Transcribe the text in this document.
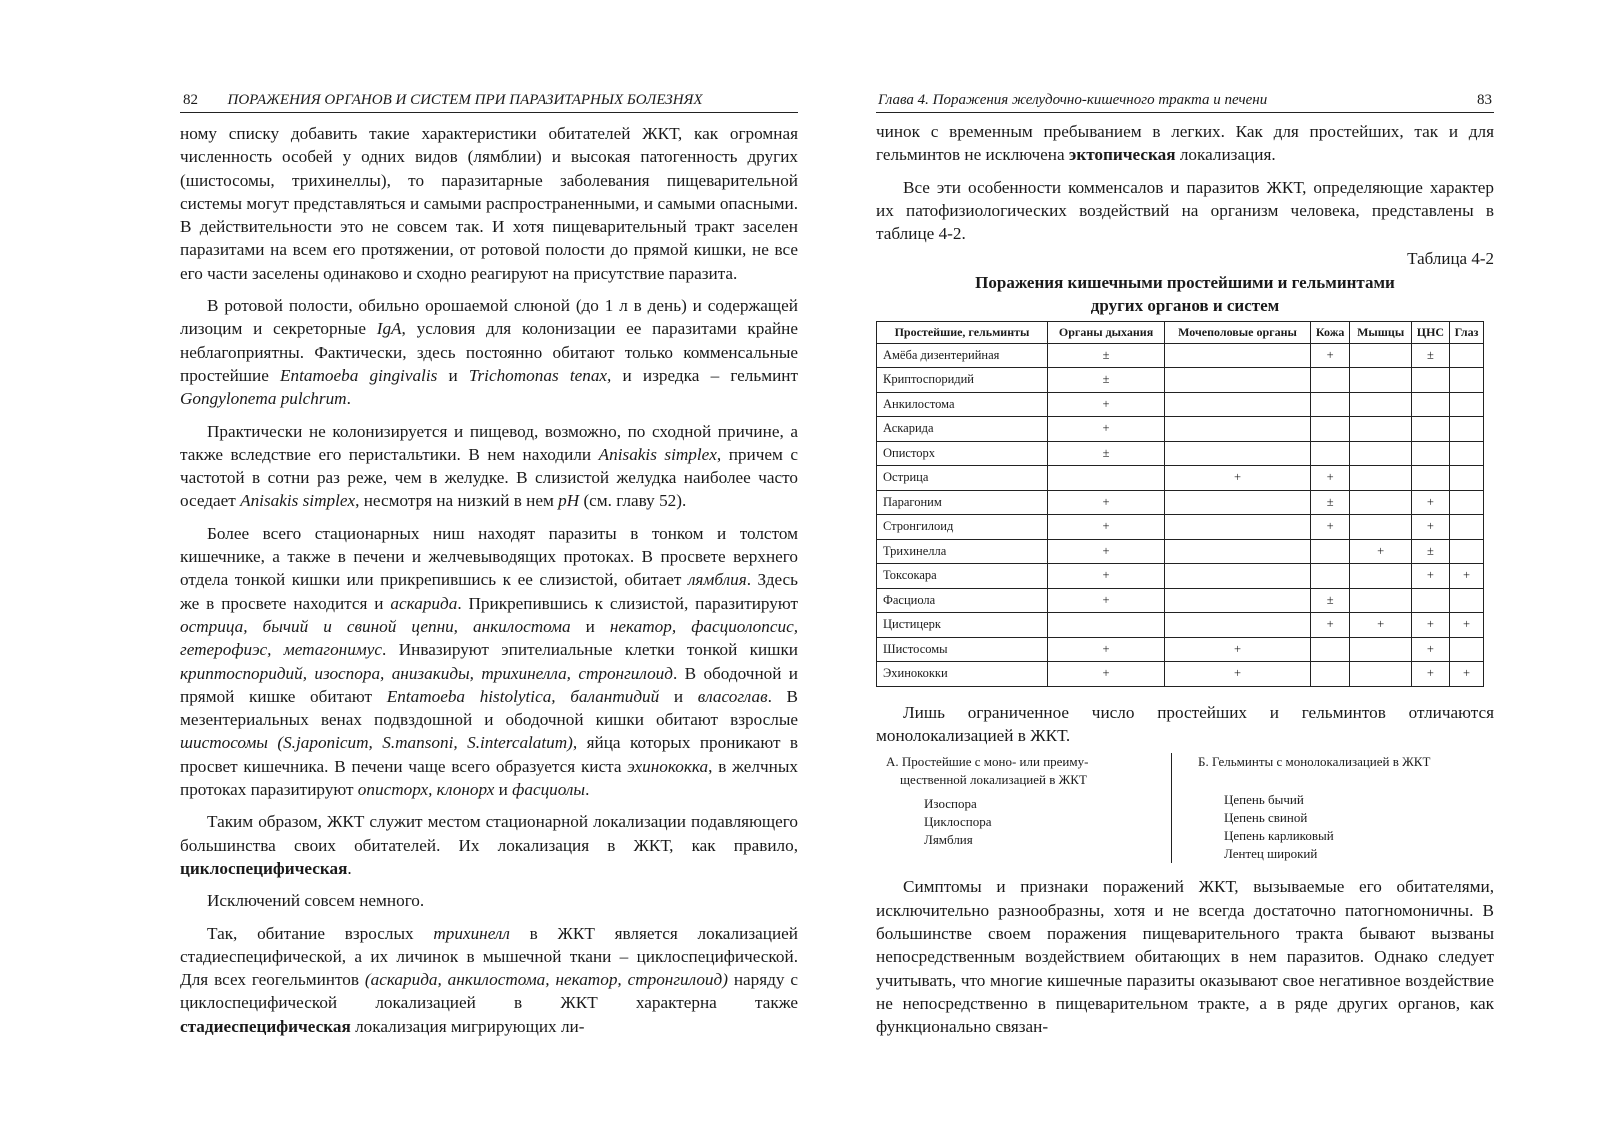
82 ПОРАЖЕНИЯ ОРГАНОВ И СИСТЕМ ПРИ ПАРАЗИТАРНЫХ БОЛЕЗНЯХ

ному списку добавить такие характеристики обитателей ЖКТ, как огромная численность особей у одних видов (лямблии) и высокая патогенность других (шистосомы, трихинеллы), то паразитарные заболевания пищеварительной системы могут представляться и самыми распространенными, и самыми опасными. В действительности это не совсем так. И хотя пищеварительный тракт заселен паразитами на всем его протяжении, от ротовой полости до прямой кишки, не все его части заселены одинаково и сходно реагируют на присутствие паразита.

В ротовой полости, обильно орошаемой слюной (до 1 л в день) и содержащей лизоцим и секреторные IgA, условия для колонизации ее паразитами крайне неблагоприятны. Фактически, здесь постоянно обитают только комменсальные простейшие Entamoeba gingivalis и Trichomonas tenax, и изредка – гельминт Gongylonema pulchrum.

Практически не колонизируется и пищевод, возможно, по сходной причине, а также вследствие его перистальтики. В нем находили Anisakis simplex, причем с частотой в сотни раз реже, чем в желудке. В слизистой желудка наиболее часто оседает Anisakis simplex, несмотря на низкий в нем pH (см. главу 52).

Более всего стационарных ниш находят паразиты в тонком и толстом кишечнике, а также в печени и желчевыводящих протоках. В просвете верхнего отдела тонкой кишки или прикрепившись к ее слизистой, обитает лямблия. Здесь же в просвете находится и аскарида. Прикрепившись к слизистой, паразитируют острица, бычий и свиной цепни, анкилостома и некатор, фасциолопсис, гетерофиэс, метагонимус. Инвазируют эпителиальные клетки тонкой кишки криптоспоридий, изоспора, анизакиды, трихинелла, стронгилоид. В ободочной и прямой кишке обитают Entamoeba histolytica, балантидий и власоглав. В мезентериальных венах подвздошной и ободочной кишки обитают взрослые шистосомы (S.japonicum, S.mansoni, S.intercalatum), яйца которых проникают в просвет кишечника. В печени чаще всего образуется киста эхинококка, в желчных протоках паразитируют описторх, клонорх и фасциолы.

Таким образом, ЖКТ служит местом стационарной локализации подавляющего большинства своих обитателей. Их локализация в ЖКТ, как правило, циклоспецифическая.

Исключений совсем немного.

Так, обитание взрослых трихинелл в ЖКТ является локализацией стадиеспецифической, а их личинок в мышечной ткани – циклоспецифической. Для всех геогельминтов (аскарида, анкилостома, некатор, стронгилоид) наряду с циклоспецифической локализацией в ЖКТ характерна также стадиеспецифическая локализация мигрирующих ли-

Глава 4. Поражения желудочно-кишечного тракта и печени	83

чинок с временным пребыванием в легких. Как для простейших, так и для гельминтов не исключена эктопическая локализация.

Все эти особенности комменсалов и паразитов ЖКТ, определяющие характер их патофизиологических воздействий на организм человека, представлены в таблице 4-2.

Таблица 4-2
Поражения кишечными простейшими и гельминтами
других органов и систем
Простейшие, гельминты	Органы дыхания	Мочеполовые органы	Кожа	Мышцы	ЦНС	Глаз
Амёба дизентерийная	±		+		±	
Криптоспоридий	±					
Анкилостома	+					
Аскарида	+					
Описторх	±					
Острица		+	+			
Парагоним	+		±		+	
Стронгилоид	+		+		+	
Трихинелла	+			+	±	
Токсокара	+				+	+
Фасциола	+		±			
Цистицерк			+	+	+	+
Шистосомы	+	+			+	
Эхинококки	+	+			+	+

Лишь ограниченное число простейших и гельминтов отличаются монолокализацией в ЖКТ.

А. Простейшие с моно- или преиму-
щественной локализацией в ЖКТ
Изоспора
Циклоспора
Лямблия
Б. Гельминты с монолокализацией в ЖКТ
Цепень бычий
Цепень свиной
Цепень карликовый
Лентец широкий

Симптомы и признаки поражений ЖКТ, вызываемые его обитателями, исключительно разнообразны, хотя и не всегда достаточно патогномоничны. В большинстве своем поражения пищеварительного тракта бывают вызваны непосредственным воздействием обитающих в нем паразитов. Однако следует учитывать, что многие кишечные паразиты оказывают свое негативное воздействие не непосредственно в пищеварительном тракте, а в ряде других органов, как функционально связан-
